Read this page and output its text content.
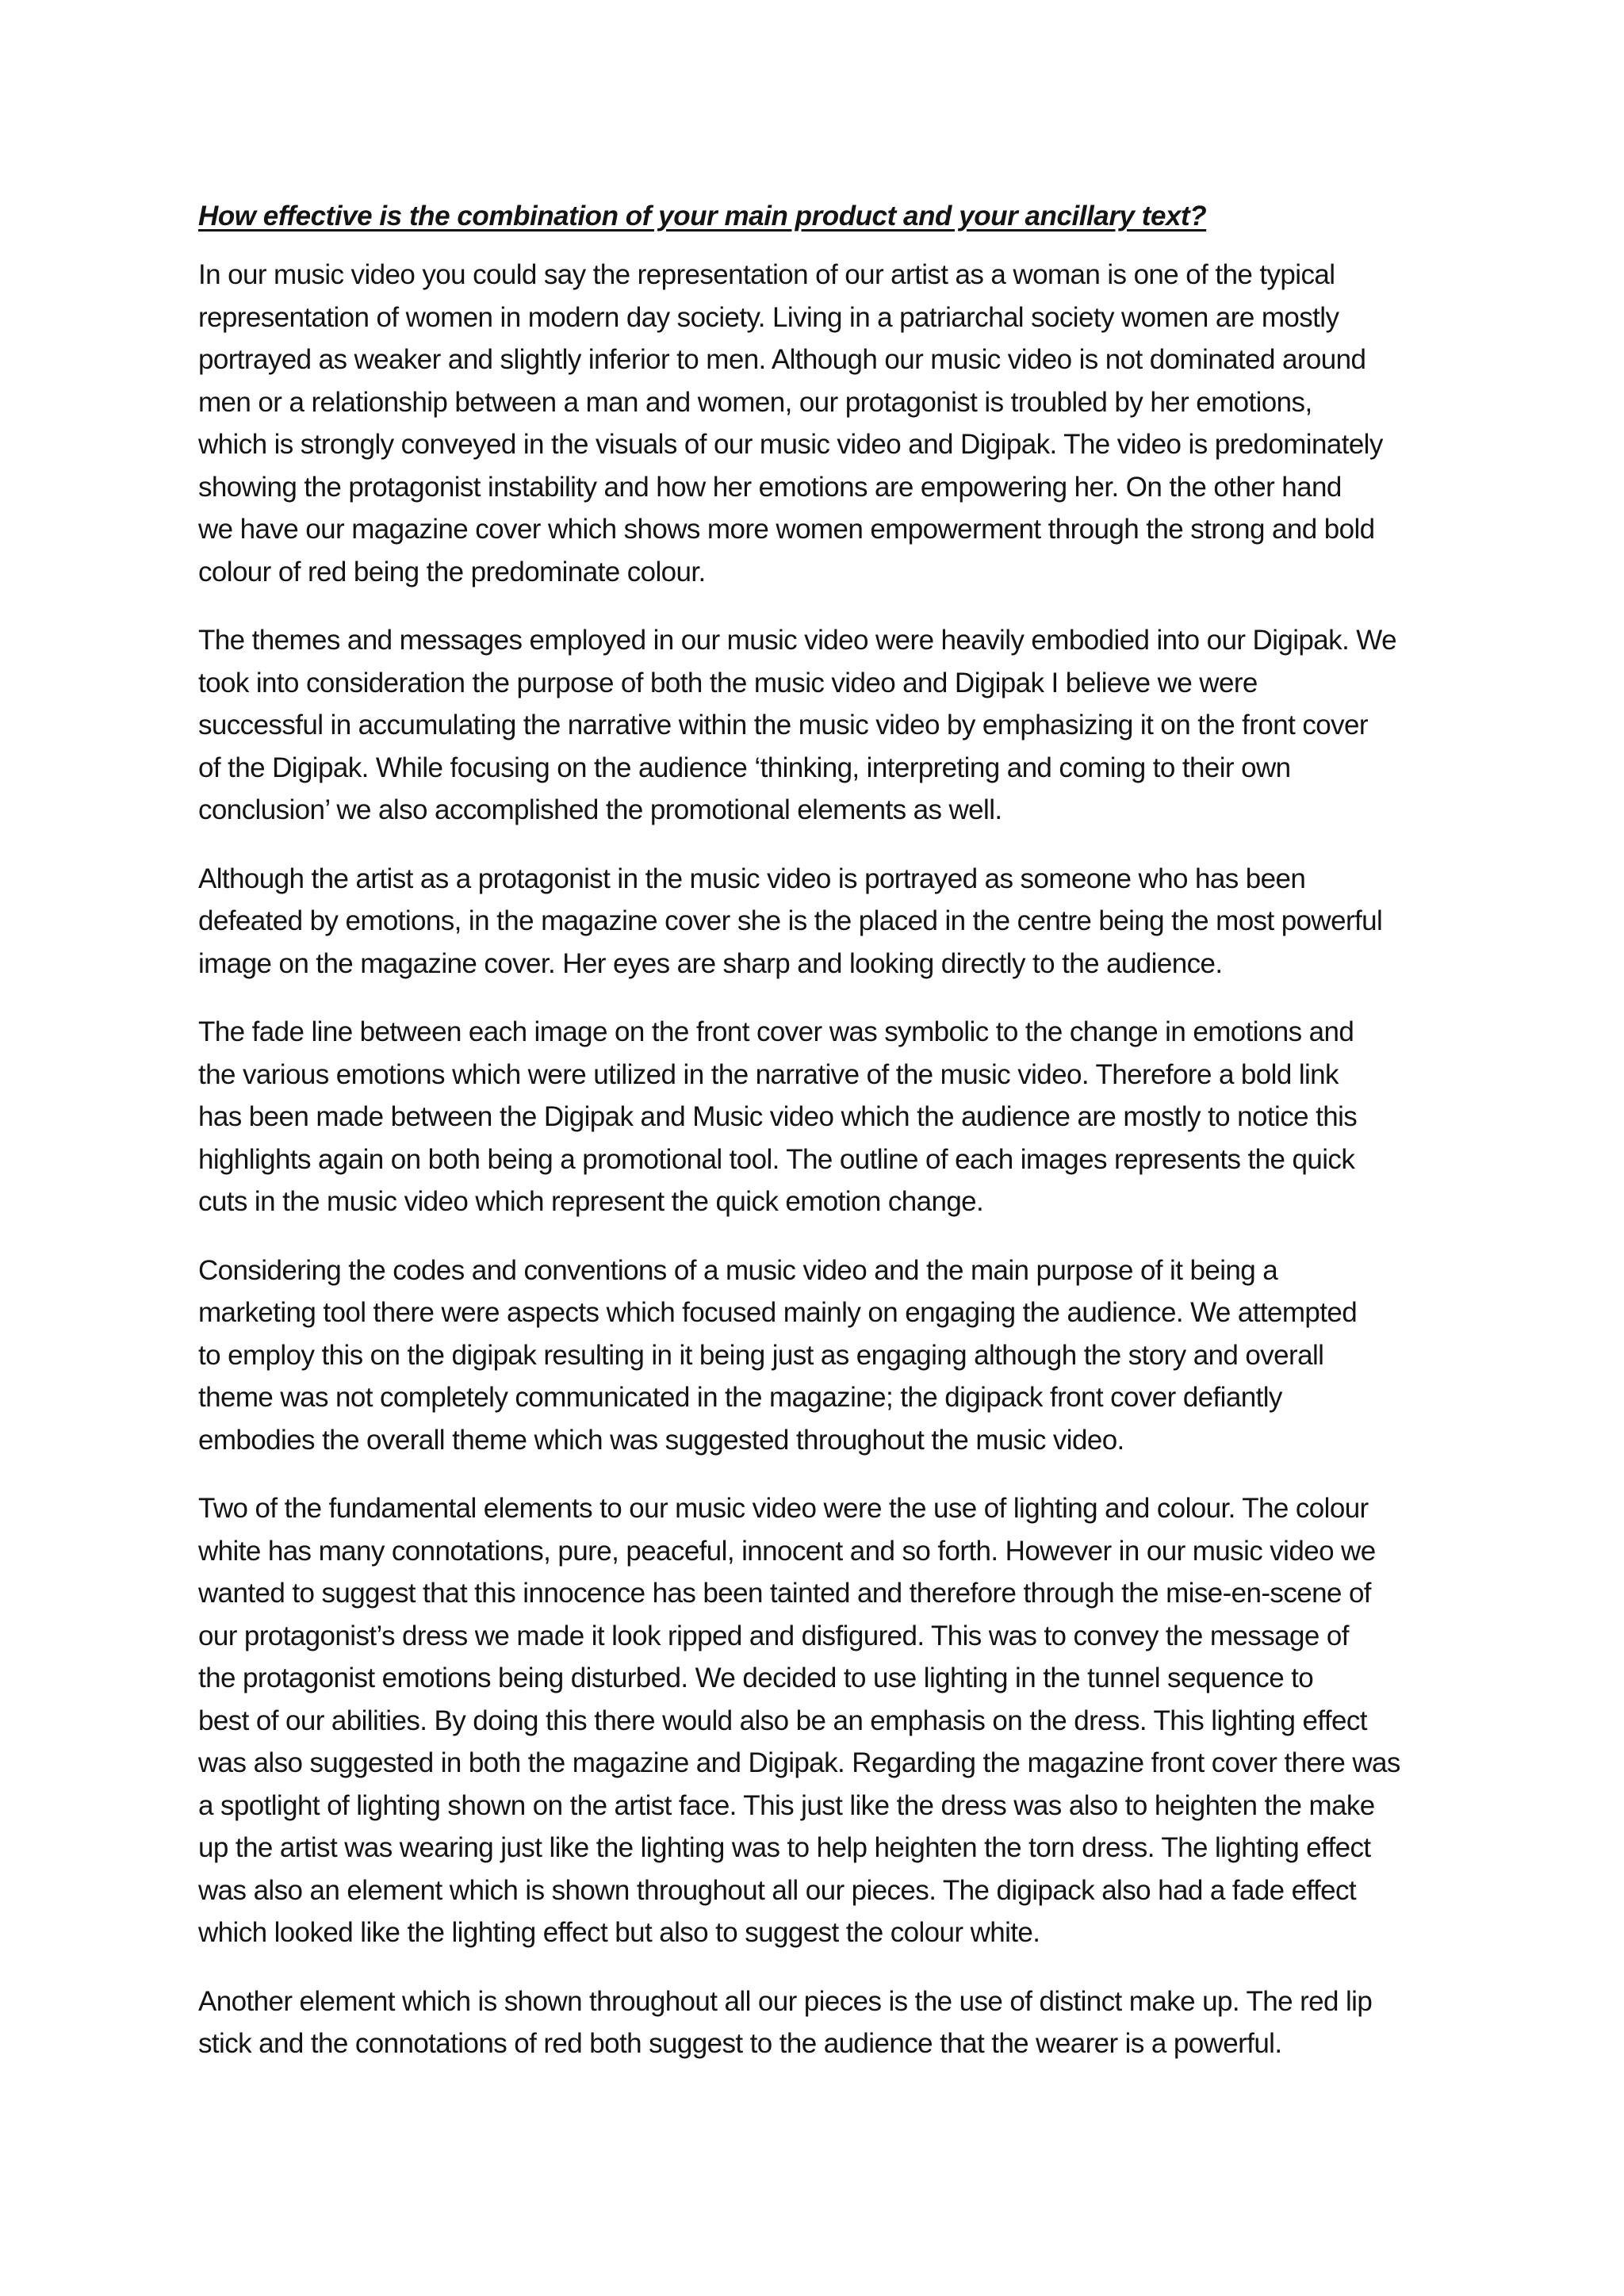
How effective is the combination of your main product and your ancillary text?

In our music video you could say the representation of our artist as a woman is one of the typical
representation of women in modern day society. Living in a patriarchal society women are mostly
portrayed as weaker and slightly inferior to men. Although our music video is not dominated around
men or a relationship between a man and women, our protagonist is troubled by her emotions,
which is strongly conveyed in the visuals of our music video and Digipak. The video is predominately
showing the protagonist instability and how her emotions are empowering her. On the other hand
we have our magazine cover which shows more women empowerment through the strong and bold
colour of red being the predominate colour.

The themes and messages employed in our music video were heavily embodied into our Digipak. We
took into consideration the purpose of both the music video and Digipak I believe we were
successful in accumulating the narrative within the music video by emphasizing it on the front cover
of the Digipak. While focusing on the audience ‘thinking, interpreting and coming to their own
conclusion’ we also accomplished the promotional elements as well.

Although the artist as a protagonist in the music video is portrayed as someone who has been
defeated by emotions, in the magazine cover she is the placed in the centre being the most powerful
image on the magazine cover. Her eyes are sharp and looking directly to the audience.

The fade line between each image on the front cover was symbolic to the change in emotions and
the various emotions which were utilized in the narrative of the music video. Therefore a bold link
has been made between the Digipak and Music video which the audience are mostly to notice this
highlights again on both being a promotional tool. The outline of each images represents the quick
cuts in the music video which represent the quick emotion change.

Considering the codes and conventions of a music video and the main purpose of it being a
marketing tool there were aspects which focused mainly on engaging the audience. We attempted
to employ this on the digipak resulting in it being just as engaging although the story and overall
theme was not completely communicated in the magazine; the digipack front cover defiantly
embodies the overall theme which was suggested throughout the music video.

Two of the fundamental elements to our music video were the use of lighting and colour. The colour
white has many connotations, pure, peaceful, innocent and so forth. However in our music video we
wanted to suggest that this innocence has been tainted and therefore through the mise-en-scene of
our protagonist’s dress we made it look ripped and disfigured. This was to convey the message of
the protagonist emotions being disturbed. We decided to use lighting in the tunnel sequence to
best of our abilities. By doing this there would also be an emphasis on the dress. This lighting effect
was also suggested in both the magazine and Digipak. Regarding the magazine front cover there was
a spotlight of lighting shown on the artist face. This just like the dress was also to heighten the make
up the artist was wearing just like the lighting was to help heighten the torn dress. The lighting effect
was also an element which is shown throughout all our pieces. The digipack also had a fade effect
which looked like the lighting effect but also to suggest the colour white.

Another element which is shown throughout all our pieces is the use of distinct make up. The red lip
stick and the connotations of red both suggest to the audience that the wearer is a powerful.
